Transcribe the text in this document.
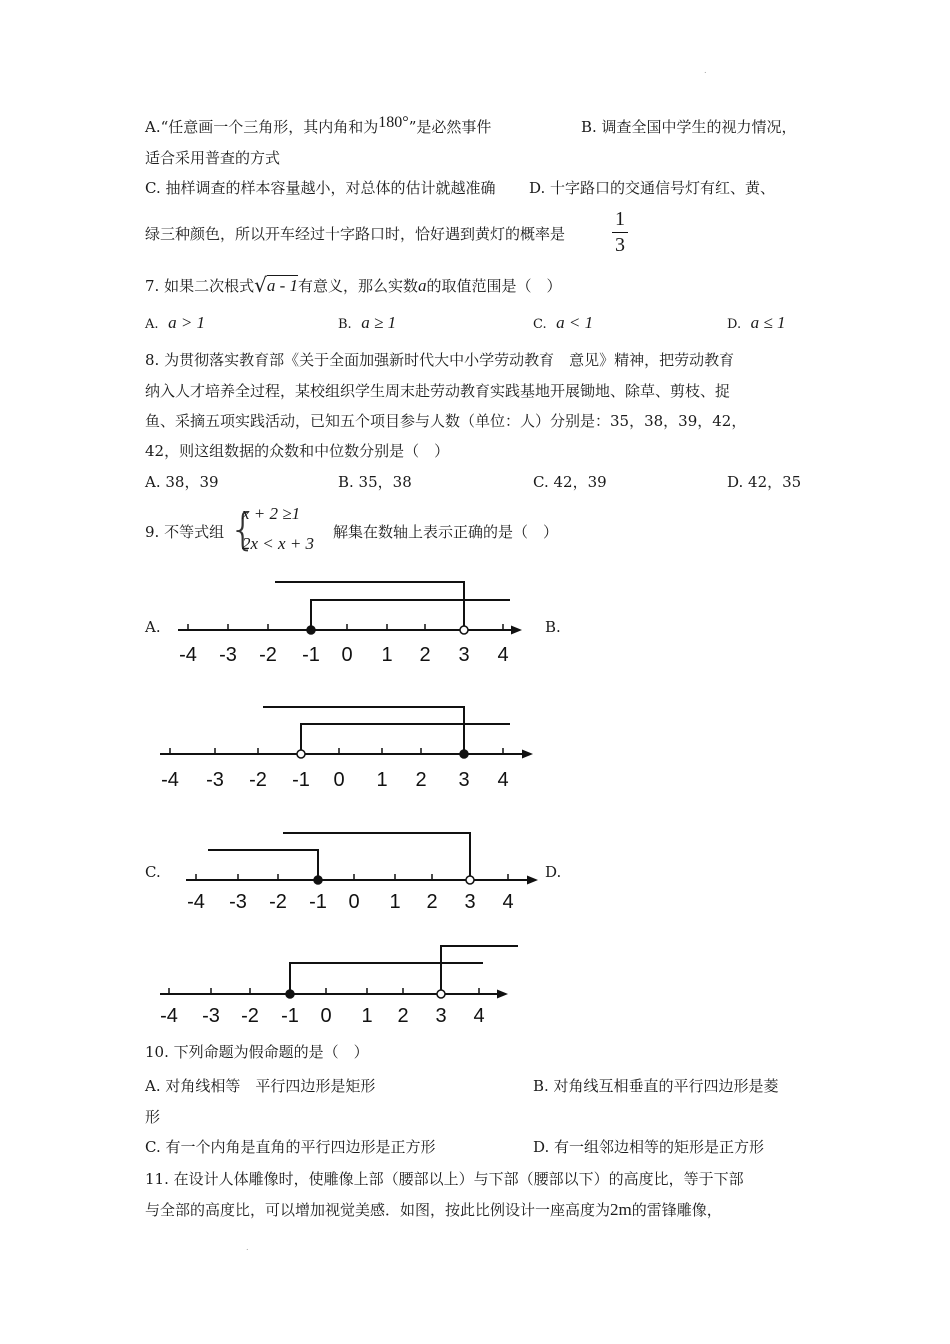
.
A.“任意画一个三角形，其内角和为180°”是必然事件	B. 调查全国中学生的视力情况，
适合采用普查的方式
C. 抽样调查的样本容量越小，对总体的估计就越准确 D. 十字路口的交通信号灯有红、黄、
绿三种颜色，所以开车经过十字路口时，恰好遇到黄灯的概率是
1
3
7. 如果二次根式√a - 1有意义，那么实数a的取值范围是（　）
A. a > 1	B. a ≥ 1	C. a < 1	D. a ≤ 1
8. 为贯彻落实教育部《关于全面加强新时代大中小学劳动教育　意见》精神，把劳动教育
纳入人才培养全过程，某校组织学生周末赴劳动教育实践基地开展锄地、除草、剪枝、捉
鱼、采摘五项实践活动，已知五个项目参与人数（单位：人）分别是：35，38，39，42，
42，则这组数据的众数和中位数分别是（　）
A. 38，39	B. 35，38	C. 42，39	D. 42，35
9. 不等式组 {
x + 2 ≥1
2x < x + 3
解集在数轴上表示正确的是（　）
A.	B.
C.	D.
-4 -3 -2 -1 0 1 2 3 4
-4 -3 -2 -1 0 1 2 3 4
-4 -3 -2 -1 0 1 2 3 4
-4 -3 -2 -1 0 1 2 3 4
10. 下列命题为假命题的是（　）
A. 对角线相等　平行四边形是矩形	B. 对角线互相垂直的平行四边形是菱
形
C. 有一个内角是直角的平行四边形是正方形	D. 有一组邻边相等的矩形是正方形
11. 在设计人体雕像时，使雕像上部（腰部以上）与下部（腰部以下）的高度比，等于下部
与全部的高度比，可以增加视觉美感．如图，按此比例设计一座高度为2m的雷锋雕像，
.
